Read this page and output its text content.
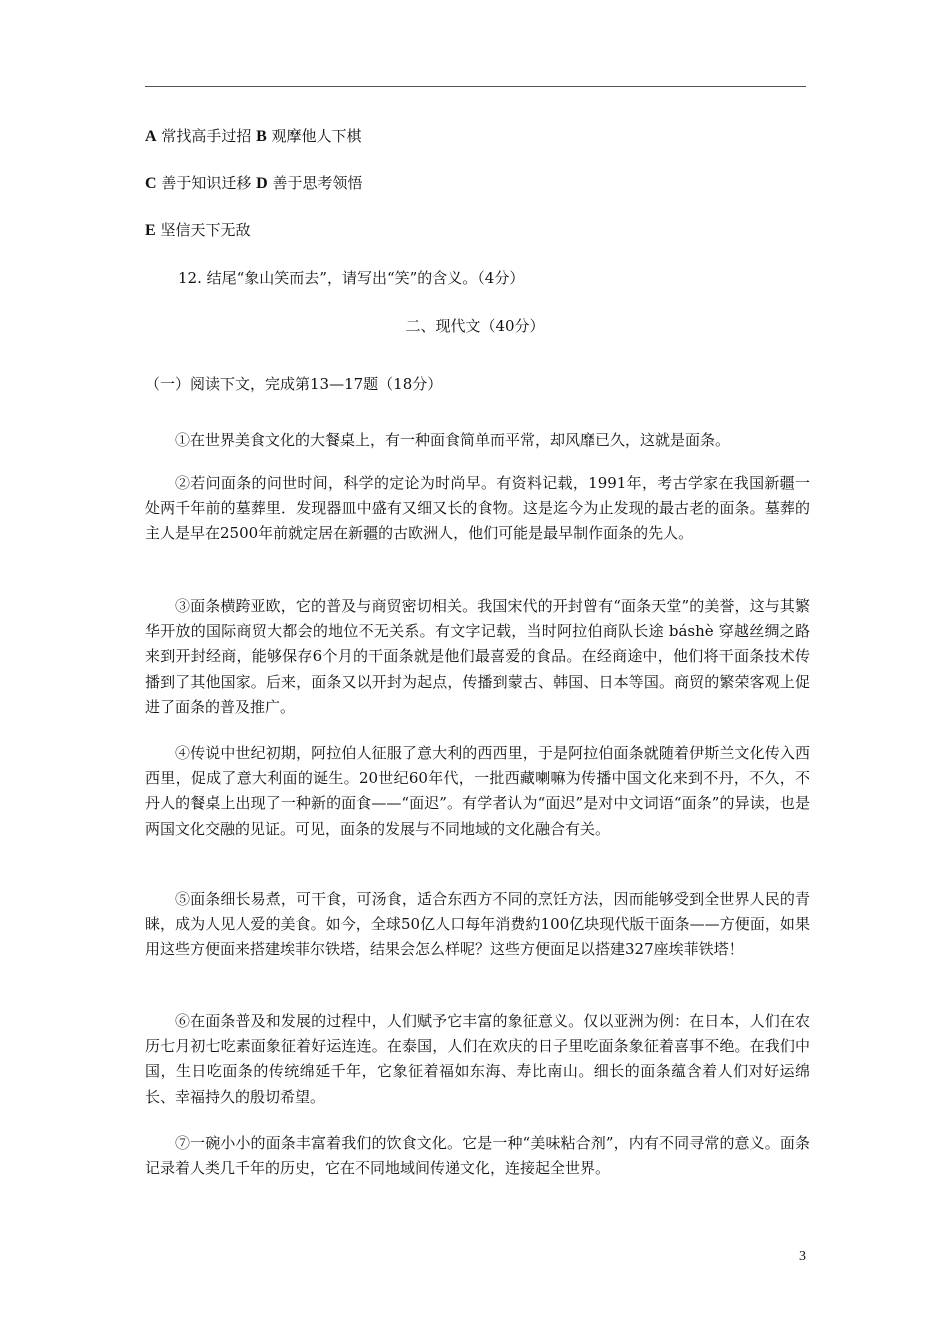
A 常找高手过招 B 观摩他人下棋
C 善于知识迁移 D 善于思考领悟
E 坚信天下无敌
12. 结尾“象山笑而去”，请写出“笑”的含义。（4分）
二、现代文（40分）
（一）阅读下文，完成第13—17题（18分）

①在世界美食文化的大餐桌上，有一种面食简单而平常，却风靡已久，这就是面条。

②若问面条的问世时间，科学的定论为时尚早。有资料记载，1991年，考古学家在我国新疆一处两千年前的墓葬里．发现器皿中盛有又细又长的食物。这是迄今为止发现的最古老的面条。墓葬的主人是早在2500年前就定居在新疆的古欧洲人，他们可能是最早制作面条的先人。

③面条横跨亚欧，它的普及与商贸密切相关。我国宋代的开封曾有“面条天堂”的美誉，这与其繁华开放的国际商贸大都会的地位不无关系。有文字记载，当时阿拉伯商队长途 báshè 穿越丝绸之路来到开封经商，能够保存6个月的干面条就是他们最喜爱的食品。在经商途中，他们将干面条技术传播到了其他国家。后来，面条又以开封为起点，传播到蒙古、韩国、日本等国。商贸的繁荣客观上促进了面条的普及推广。

④传说中世纪初期，阿拉伯人征服了意大利的西西里，于是阿拉伯面条就随着伊斯兰文化传入西西里，促成了意大利面的诞生。20世纪60年代，一批西藏喇嘛为传播中国文化来到不丹，不久，不丹人的餐桌上出现了一种新的面食——“面迟”。有学者认为“面迟”是对中文词语“面条”的异读，也是两国文化交融的见证。可见，面条的发展与不同地域的文化融合有关。

⑤面条细长易煮，可干食，可汤食，适合东西方不同的烹饪方法，因而能够受到全世界人民的青睐，成为人见人爱的美食。如今，全球50亿人口每年消费約100亿块现代版干面条——方便面，如果用这些方便面来搭建埃菲尔铁塔，结果会怎么样呢？这些方便面足以搭建327座埃菲铁塔！

⑥在面条普及和发展的过程中，人们赋予它丰富的象征意义。仅以亚洲为例：在日本，人们在农历七月初七吃素面象征着好运连连。在泰国，人们在欢庆的日子里吃面条象征着喜事不绝。在我们中国，生日吃面条的传统绵延千年，它象征着福如东海、寿比南山。细长的面条蕴含着人们对好运绵长、幸福持久的殷切希望。

⑦一碗小小的面条丰富着我们的饮食文化。它是一种“美味粘合剂”，内有不同寻常的意义。面条记录着人类几千年的历史，它在不同地域间传递文化，连接起全世界。

3
